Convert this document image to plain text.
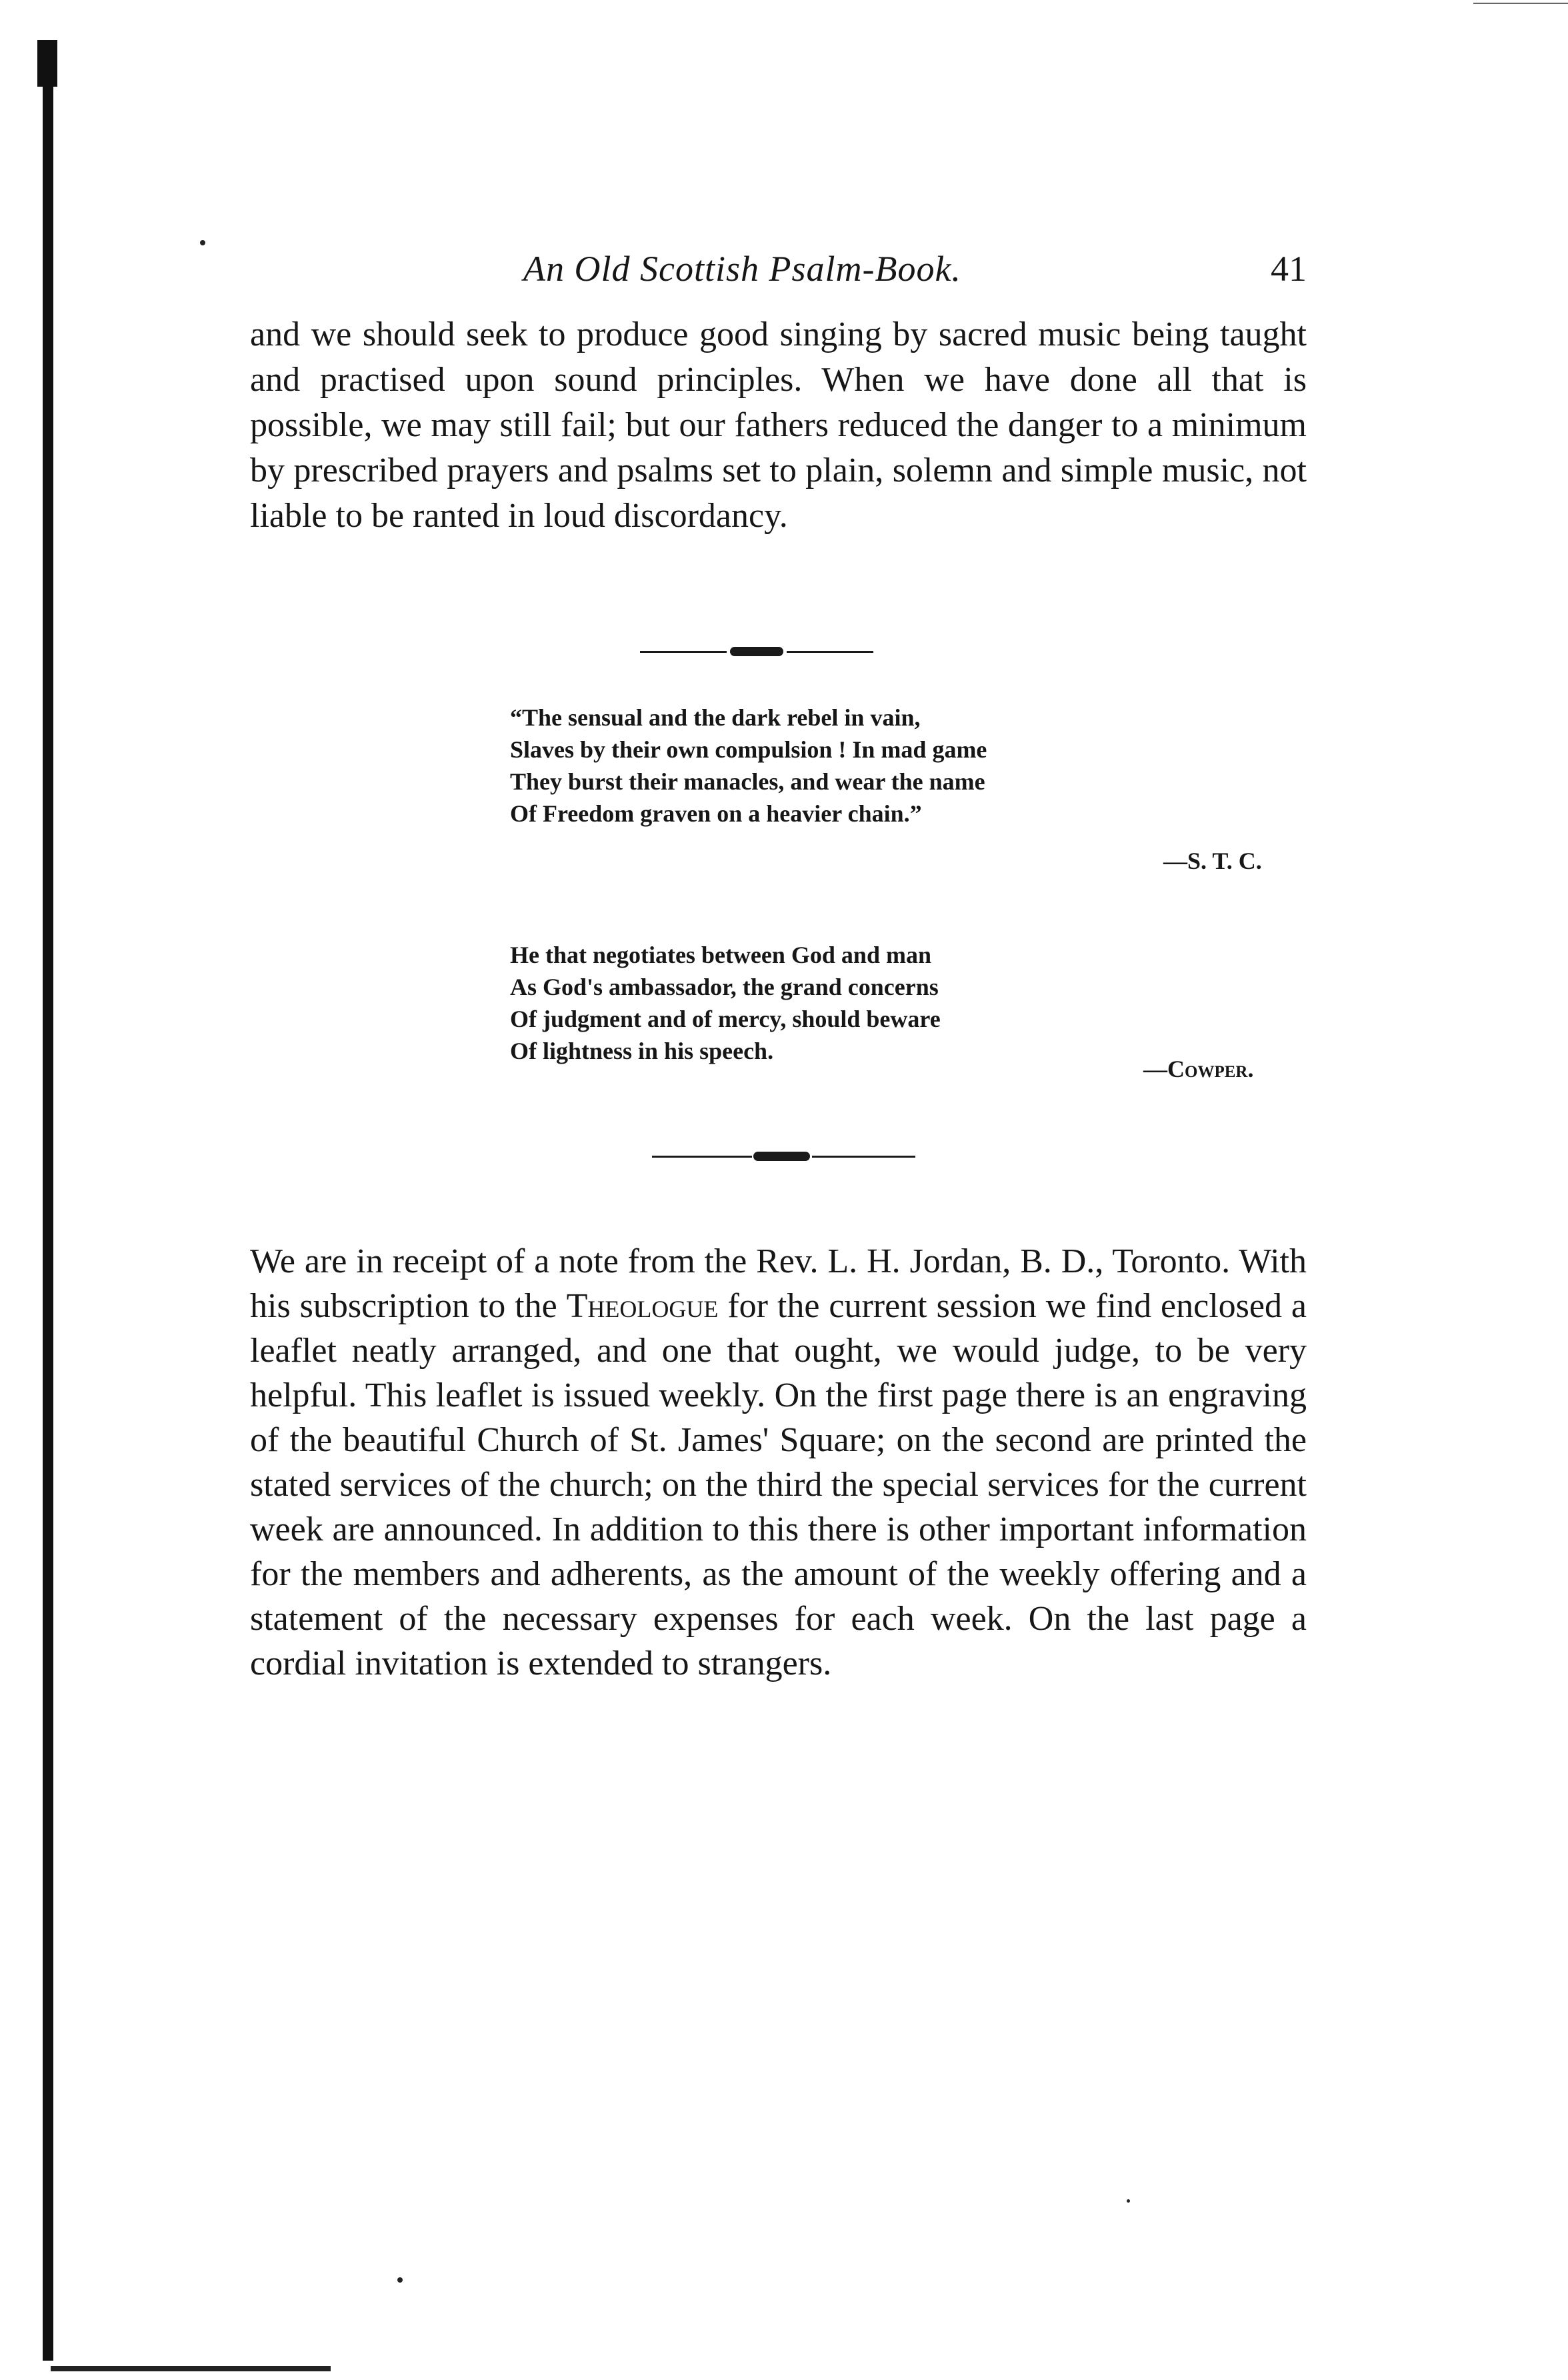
An Old Scottish Psalm-Book.	41

and we should seek to produce good singing by sacred music being taught and practised upon sound principles. When we have done all that is possible, we may still fail; but our fathers reduced the danger to a minimum by prescribed prayers and psalms set to plain, solemn and simple music, not liable to be ranted in loud discordancy.

“The sensual and the dark rebel in vain,
Slaves by their own compulsion ! In mad game
They burst their manacles, and wear the name
Of Freedom graven on a heavier chain.”
—S. T. C.
He that negotiates between God and man
As God's ambassador, the grand concerns
Of judgment and of mercy, should beware
Of lightness in his speech.
—Cowper.

We are in receipt of a note from the Rev. L. H. Jordan, B. D., Toronto. With his subscription to the Theologue for the current session we find enclosed a leaflet neatly arranged, and one that ought, we would judge, to be very helpful. This leaflet is issued weekly. On the first page there is an engraving of the beautiful Church of St. James' Square; on the second are printed the stated services of the church; on the third the special services for the current week are announced. In addition to this there is other important information for the members and adherents, as the amount of the weekly offering and a statement of the necessary expenses for each week. On the last page a cordial invitation is extended to strangers.
